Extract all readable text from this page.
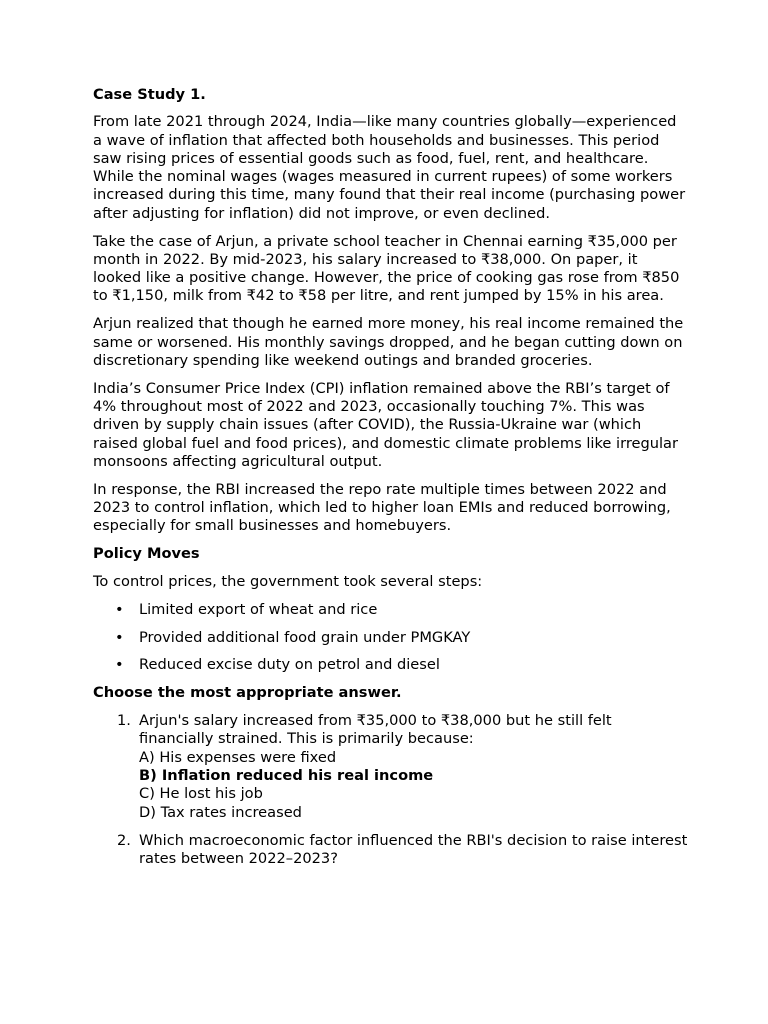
Case Study 1.

From late 2021 through 2024, India—like many countries globally—experienced a wave of inflation that affected both households and businesses. This period saw rising prices of essential goods such as food, fuel, rent, and healthcare. While the nominal wages (wages measured in current rupees) of some workers increased during this time, many found that their real income (purchasing power after adjusting for inflation) did not improve, or even declined.

Take the case of Arjun, a private school teacher in Chennai earning ₹35,000 per month in 2022. By mid-2023, his salary increased to ₹38,000. On paper, it looked like a positive change. However, the price of cooking gas rose from ₹850 to ₹1,150, milk from ₹42 to ₹58 per litre, and rent jumped by 15% in his area.

Arjun realized that though he earned more money, his real income remained the same or worsened. His monthly savings dropped, and he began cutting down on discretionary spending like weekend outings and branded groceries.

India’s Consumer Price Index (CPI) inflation remained above the RBI’s target of 4% throughout most of 2022 and 2023, occasionally touching 7%. This was driven by supply chain issues (after COVID), the Russia-Ukraine war (which raised global fuel and food prices), and domestic climate problems like irregular monsoons affecting agricultural output.

In response, the RBI increased the repo rate multiple times between 2022 and 2023 to control inflation, which led to higher loan EMIs and reduced borrowing, especially for small businesses and homebuyers.

Policy Moves

To control prices, the government took several steps:

• Limited export of wheat and rice
• Provided additional food grain under PMGKAY
• Reduced excise duty on petrol and diesel
Choose the most appropriate answer.
1. Arjun's salary increased from ₹35,000 to ₹38,000 but he still felt financially strained. This is primarily because:
A) His expenses were fixed
B) Inflation reduced his real income
C) He lost his job
D) Tax rates increased
2. Which macroeconomic factor influenced the RBI's decision to raise interest rates between 2022–2023?
